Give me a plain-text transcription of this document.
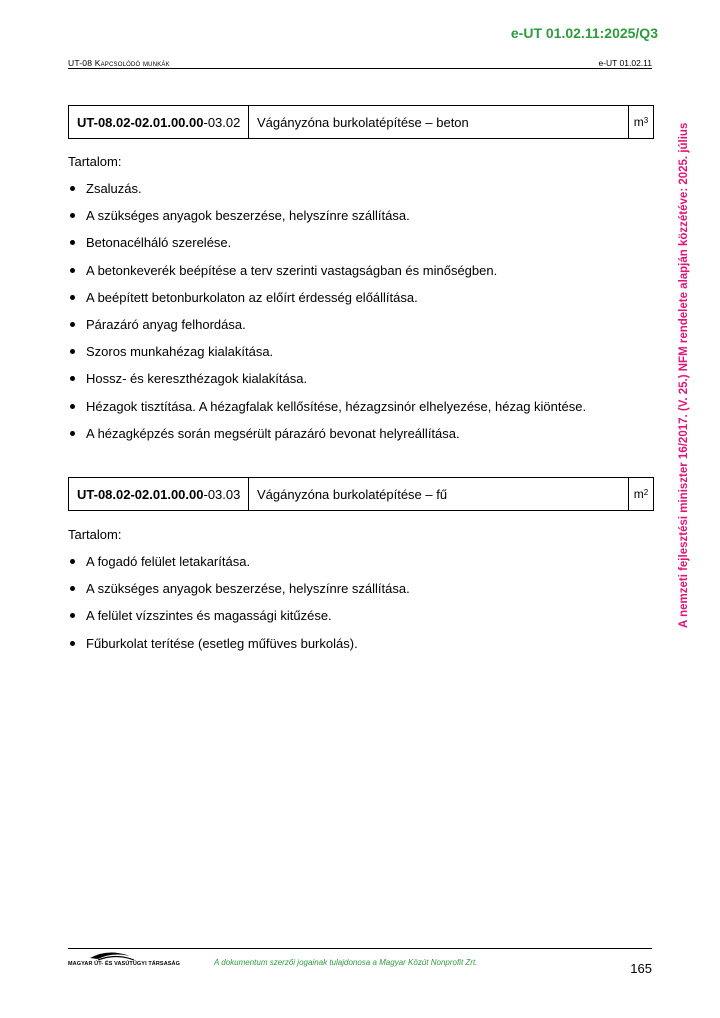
e-UT 01.02.11:2025/Q3
UT-08 Kapcsolódó munkák	e-UT 01.02.11
UT-08.02-02.01.00.00 -03.02	Vágányzóna burkolatépítése – beton	$m^3$
Tartalom:
Zsaluzás.
A szükséges anyagok beszerzése, helyszínre szállítása.
Betonacélháló szerelése.
A betonkeverék beépítése a terv szerinti vastagságban és minőségben.
A beépített betonburkolaton az előírt érdesség előállítása.
Párazáró anyag felhordása.
Szoros munkahézag kialakítása.
Hossz- és kereszthézagok kialakítása.
Hézagok tisztítása. A hézagfalak kellősítése, hézagzsinór elhelyezése, hézag kiöntése.
A hézagképzés során megsérült párazáró bevonat helyreállítása.
UT-08.02-02.01.00.00 -03.03	Vágányzóna burkolatépítése – fű	$m^2$
Tartalom:
A fogadó felület letakarítása.
A szükséges anyagok beszerzése, helyszínre szállítása.
A felület vízszintes és magassági kitűzése.
Fűburkolat terítése (esetleg műfüves burkolás).
A nemzeti fejlesztési miniszter 16/2017. (V. 25.) NFM rendelete alapján közzétéve: 2025. július
MAGYAR ÚT- ÉS VASÚTÜGYI TÁRSASÁG	A dokumentum szerzői jogainak tulajdonosa a Magyar Közút Nonprofit Zrt.	165
